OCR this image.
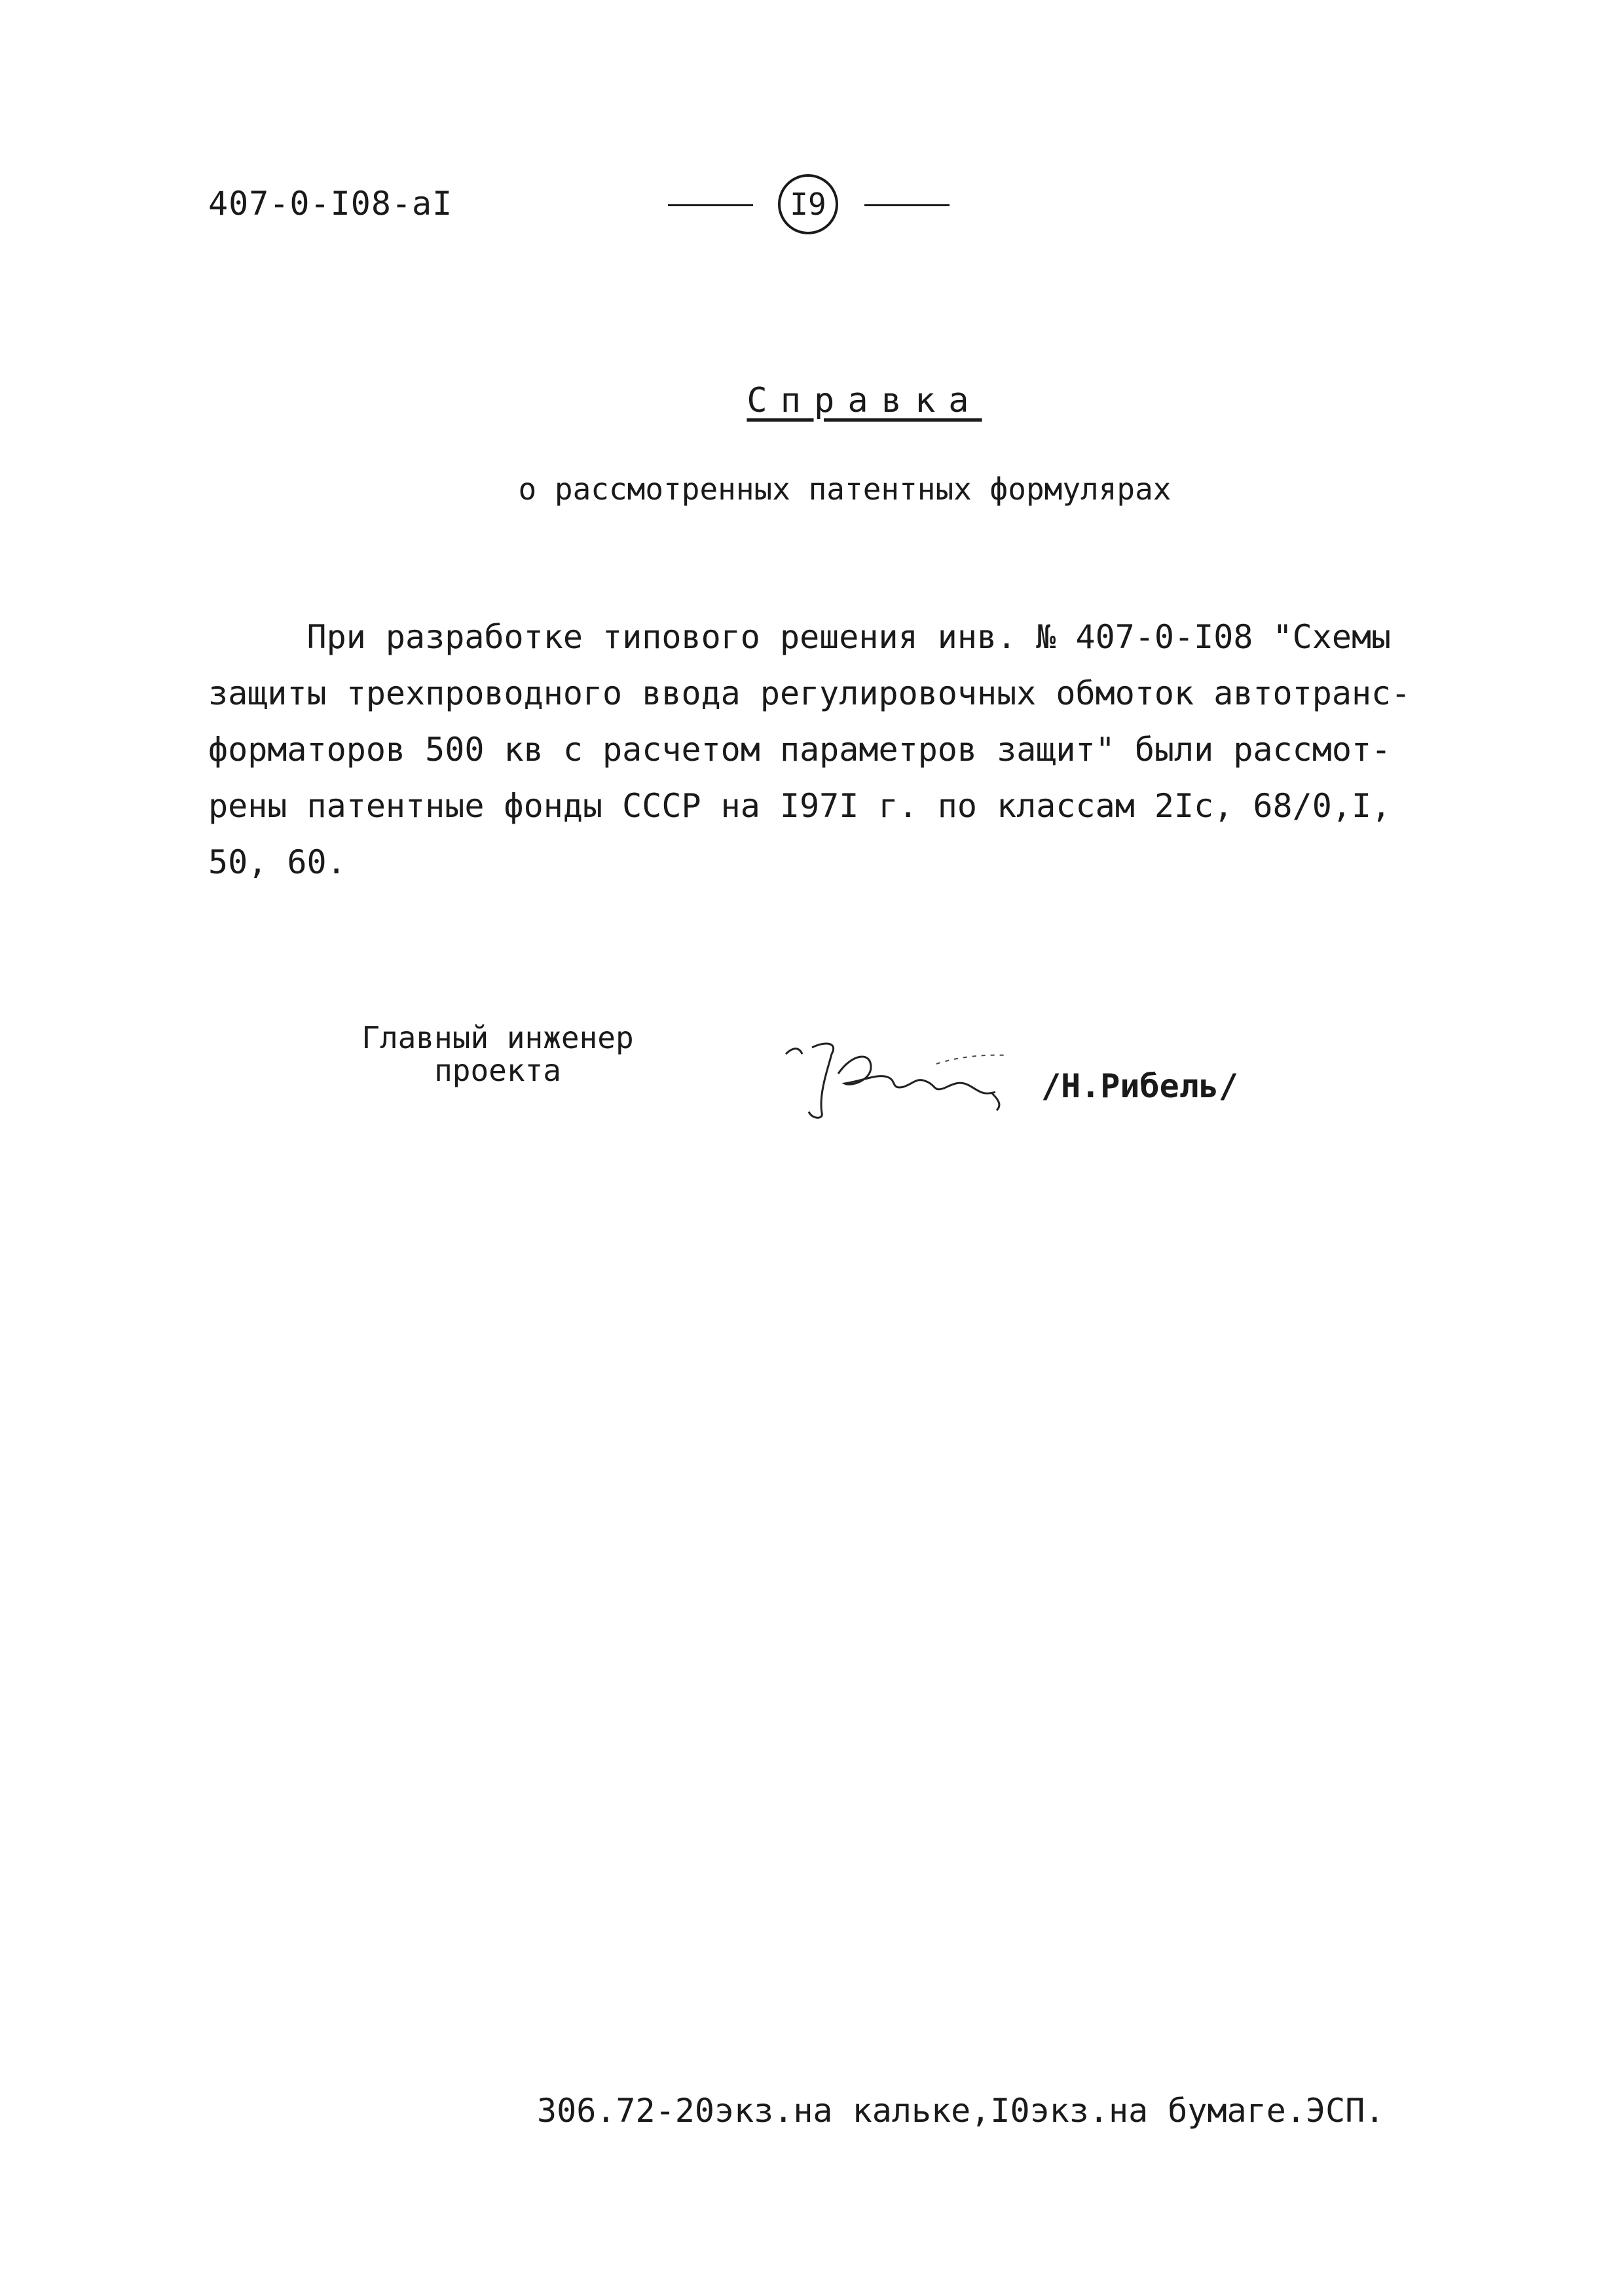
407-0-I08-aI	I9
Справка
о рассмотренных патентных формулярах
При разработке типового решения инв. № 407-0-I08 "Схемы
защиты трехпроводного ввода регулировочных обмоток автотранс-
форматоров 500 кв с расчетом параметров защит" были рассмот-
рены патентные фонды СССР на I97I г. по классам 2Ic, 68/0,I,
50, 60.
Главный инженер
проекта	/Н.Рибель/
306.72-20экз.на кальке,I0экз.на бумаге.ЭСП.
